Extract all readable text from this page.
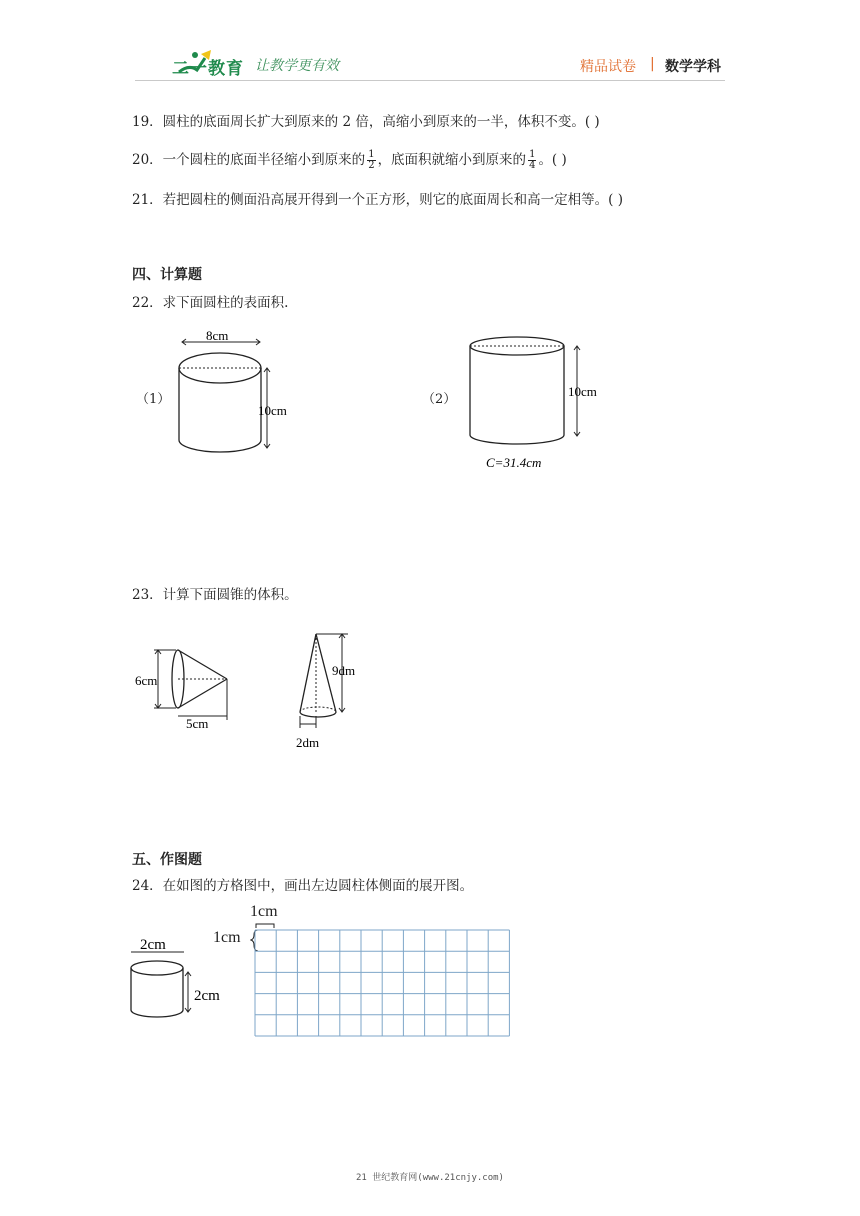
二一教育 让教学更有效	精品试卷 | 数学学科
19．圆柱的底面周长扩大到原来的 2 倍，高缩小到原来的一半，体积不变。( )
20．一个圆柱的底面半径缩小到原来的 $\frac{1}{2}$ ，底面积就缩小到原来的 $\frac{1}{4}$ 。( )
21．若把圆柱的侧面沿高展开得到一个正方形，则它的底面周长和高一定相等。( )
四、计算题
22．求下面圆柱的表面积.
（1）
8cm
10cm
（2）
10cm
C=31.4cm
23．计算下面圆锥的体积。
6cm
5cm
9dm
2dm
五、作图题
24．在如图的方格图中，画出左边圆柱体侧面的展开图。
2cm
2cm
1cm
1cm
21 世纪教育网(www.21cnjy.com)
